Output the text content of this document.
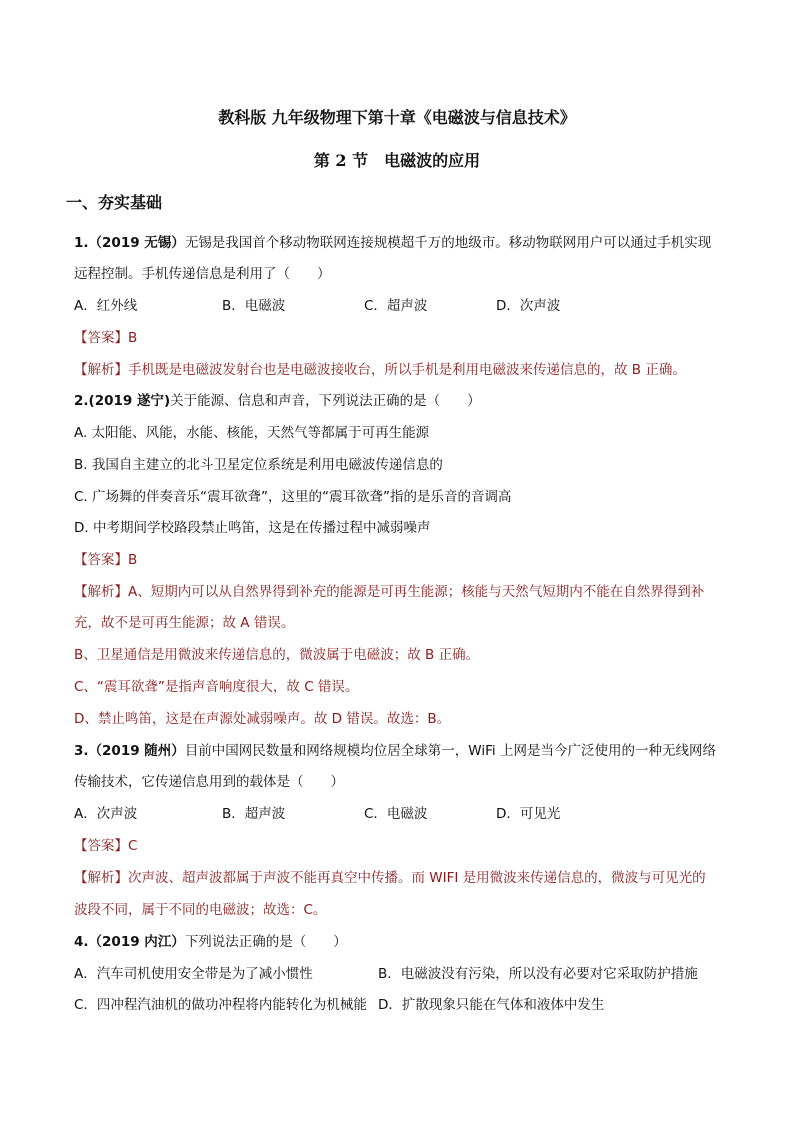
教科版 九年级物理下第十章《电磁波与信息技术》
第 2 节　电磁波的应用
一、夯实基础
1.（2019 无锡）无锡是我国首个移动物联网连接规模超千万的地级市。移动物联网用户可以通过手机实现
远程控制。手机传递信息是利用了（　　）
A．红外线	B．电磁波	C．超声波	D．次声波
【答案】B
【解析】手机既是电磁波发射台也是电磁波接收台，所以手机是利用电磁波来传递信息的，故 B 正确。
2.(2019 遂宁)关于能源、信息和声音，下列说法正确的是（　　）
A. 太阳能、风能，水能、核能，天然气等都属于可再生能源
B. 我国自主建立的北斗卫星定位系统是利用电磁波传递信息的
C. 广场舞的伴奏音乐“震耳欲聋”，这里的“震耳欲聋”指的是乐音的音调高
D. 中考期间学校路段禁止鸣笛，这是在传播过程中减弱噪声
【答案】B
【解析】A、短期内可以从自然界得到补充的能源是可再生能源；核能与天然气短期内不能在自然界得到补
充，故不是可再生能源；故 A 错误。
B、卫星通信是用微波来传递信息的，微波属于电磁波；故 B 正确。
C、“震耳欲聋”是指声音响度很大，故 C 错误。
D、禁止鸣笛，这是在声源处减弱噪声。故 D 错误。故选：B。
3.（2019 随州）目前中国网民数量和网络规模均位居全球第一，WiFi 上网是当今广泛使用的一种无线网络
传输技术，它传递信息用到的载体是（　　）
A．次声波	B．超声波	C．电磁波	D．可见光
【答案】C
【解析】次声波、超声波都属于声波不能再真空中传播。而 WIFI 是用微波来传递信息的，微波与可见光的
波段不同，属于不同的电磁波；故选：C。
4.（2019 内江）下列说法正确的是（　　）
A．汽车司机使用安全带是为了减小惯性	B．电磁波没有污染，所以没有必要对它采取防护措施
C．四冲程汽油机的做功冲程将内能转化为机械能 D．扩散现象只能在气体和液体中发生
